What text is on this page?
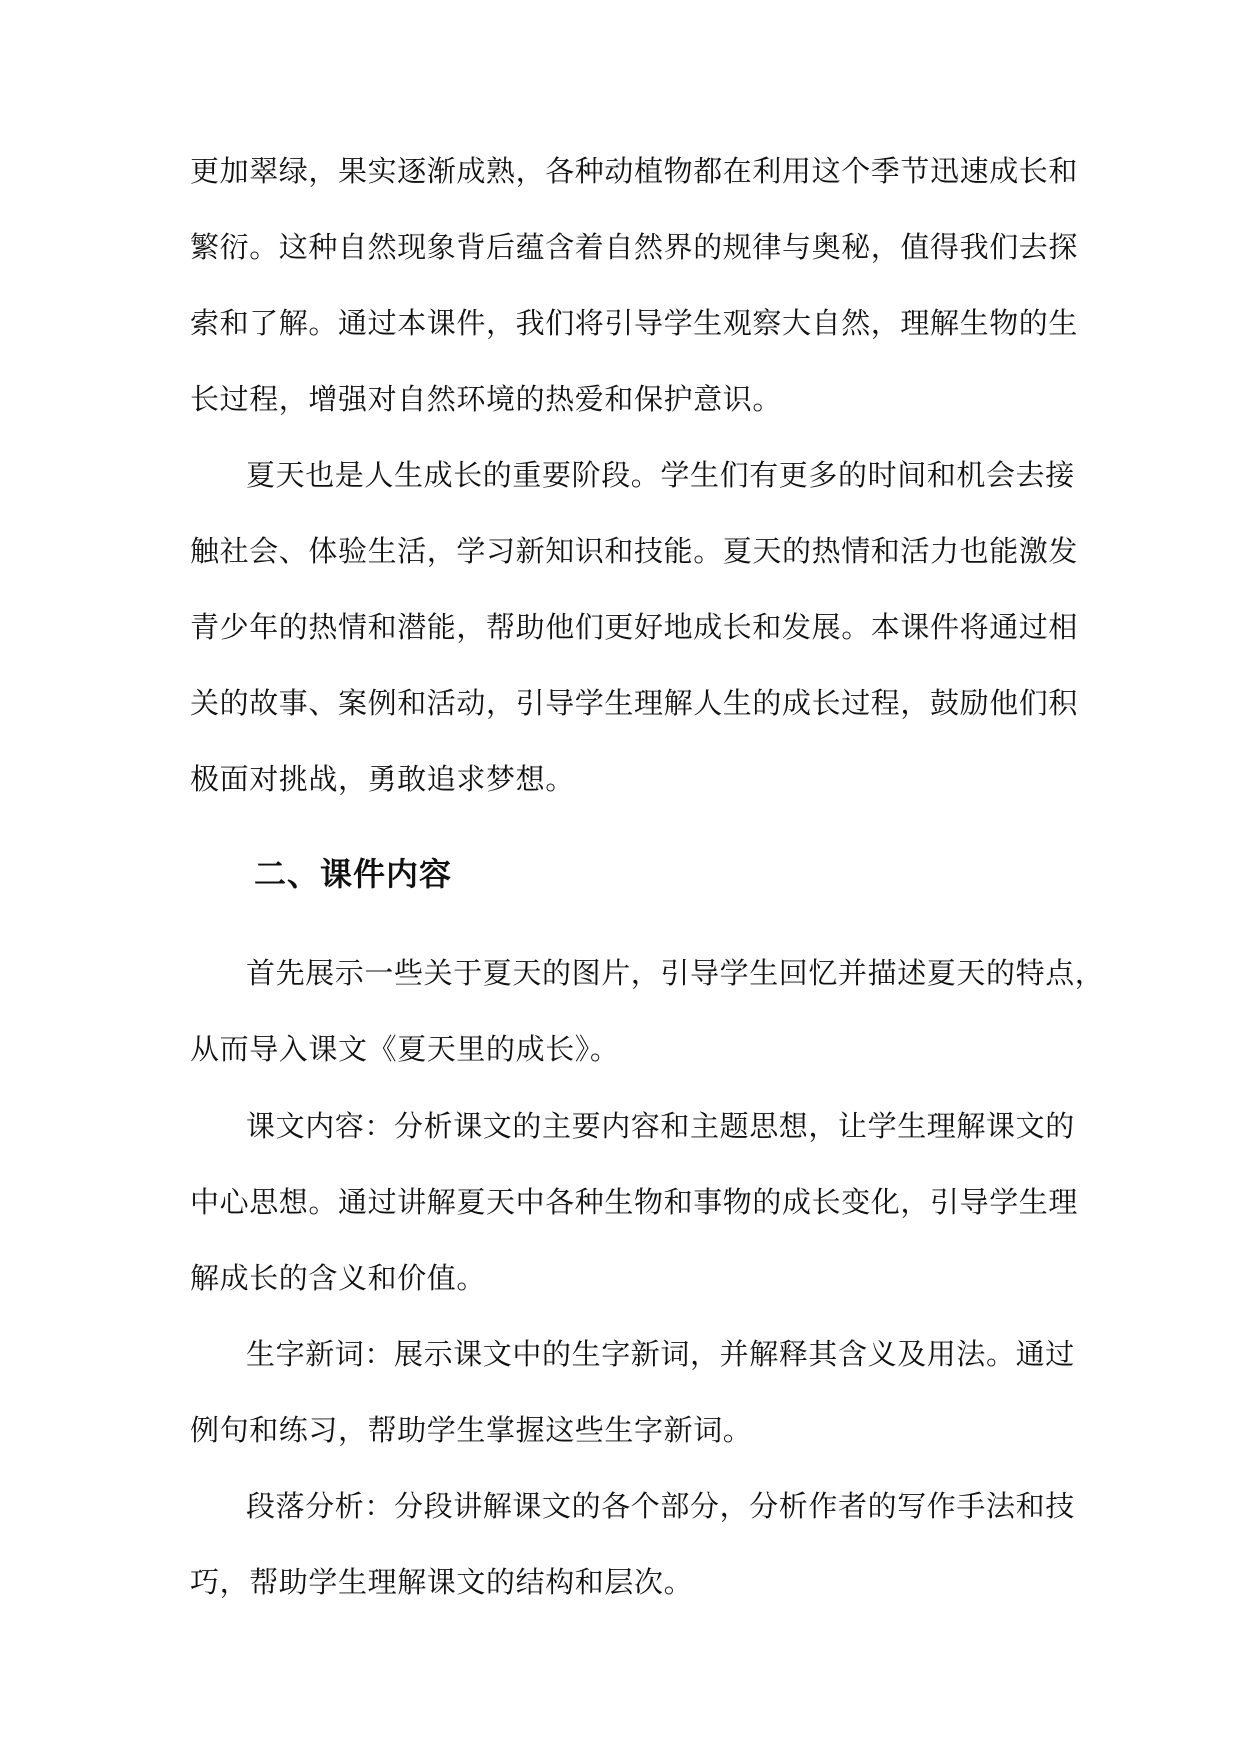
更加翠绿，果实逐渐成熟，各种动植物都在利用这个季节迅速成长和
繁衍。这种自然现象背后蕴含着自然界的规律与奥秘，值得我们去探
索和了解。通过本课件，我们将引导学生观察大自然，理解生物的生
长过程，增强对自然环境的热爱和保护意识。
夏天也是人生成长的重要阶段。学生们有更多的时间和机会去接
触社会、体验生活，学习新知识和技能。夏天的热情和活力也能激发
青少年的热情和潜能，帮助他们更好地成长和发展。本课件将通过相
关的故事、案例和活动，引导学生理解人生的成长过程，鼓励他们积
极面对挑战，勇敢追求梦想。
二、课件内容
首先展示一些关于夏天的图片，引导学生回忆并描述夏天的特点，
从而导入课文《夏天里的成长》。
课文内容：分析课文的主要内容和主题思想，让学生理解课文的
中心思想。通过讲解夏天中各种生物和事物的成长变化，引导学生理
解成长的含义和价值。
生字新词：展示课文中的生字新词，并解释其含义及用法。通过
例句和练习，帮助学生掌握这些生字新词。
段落分析：分段讲解课文的各个部分，分析作者的写作手法和技
巧，帮助学生理解课文的结构和层次。
